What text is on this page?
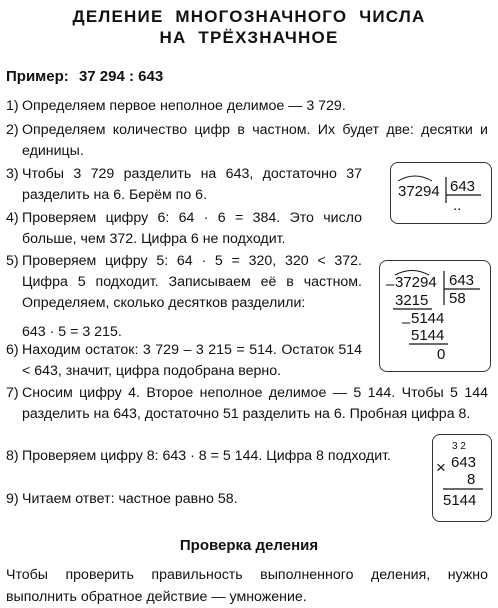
ДЕЛЕНИЕ МНОГОЗНАЧНОГО ЧИСЛА
НА ТРЁХЗНАЧНОЕ
Пример: 37 294 : 643
1) Определяем первое неполное делимое — 3 729.
2) Определяем количество цифр в частном. Их будет две: десятки и единицы.
3) Чтобы 3 729 разделить на 643, достаточно 37 разделить на 6. Берём по 6.
4) Проверяем цифру 6: 64 · 6 = 384. Это число больше, чем 372. Цифра 6 не подходит.
5) Проверяем цифру 5: 64 · 5 = 320, 320 < 372. Цифра 5 подходит. Записываем её в частном. Определяем, сколько десятков разделили:
643 · 5 = 3 215.
6) Находим остаток: 3 729 – 3 215 = 514. Остаток 514 < 643, значит, цифра подобрана верно.
7) Сносим цифру 4. Второе неполное делимое — 5 144. Чтобы 5 144 разделить на 643, достаточно 51 разделить на 6. Пробная цифра 8.
8) Проверяем цифру 8: 643 · 8 = 5 144. Цифра 8 подходит.
9) Читаем ответ: частное равно 58.
37294 643
..
– 37294 643
58
3215
– 5144
5144
0
3 2
× 643
8
5144
Проверка деления
Чтобы проверить правильность выполненного деления, нужно выполнить обратное действие — умножение.
